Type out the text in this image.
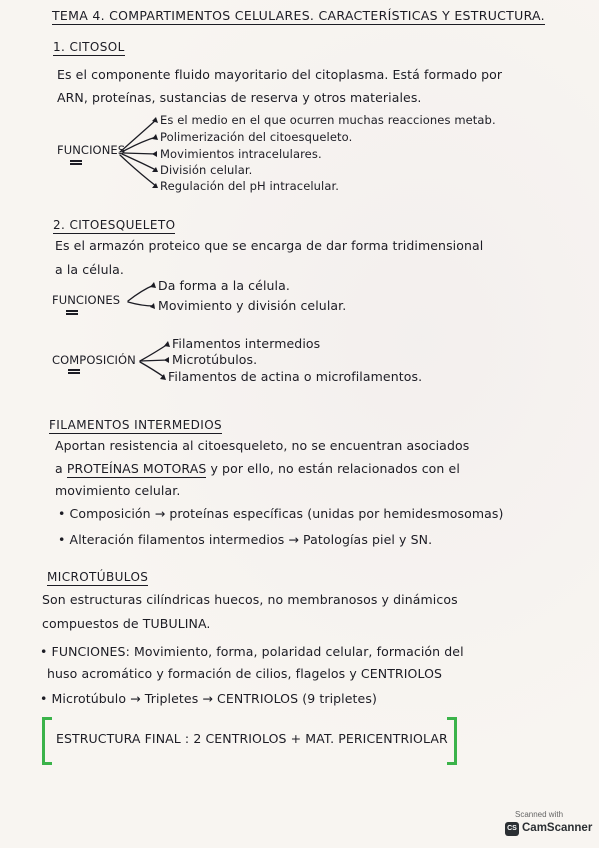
TEMA 4. COMPARTIMENTOS CELULARES. CARACTERÍSTICAS Y ESTRUCTURA.
1. CITOSOL
Es el componente fluido mayoritario del citoplasma. Está formado por
ARN, proteínas, sustancias de reserva y otros materiales.
FUNCIONES
Es el medio en el que ocurren muchas reacciones metab.
Polimerización del citoesqueleto.
Movimientos intracelulares.
División celular.
Regulación del pH intracelular.
2. CITOESQUELETO
Es el armazón proteico que se encarga de dar forma tridimensional
a la célula.
FUNCIONES
Da forma a la célula.
Movimiento y división celular.
COMPOSICIÓN
Filamentos intermedios
Microtúbulos.
Filamentos de actina o microfilamentos.
FILAMENTOS INTERMEDIOS
Aportan resistencia al citoesqueleto, no se encuentran asociados
a PROTEÍNAS MOTORAS y por ello, no están relacionados con el
movimiento celular.
• Composición → proteínas específicas (unidas por hemidesmosomas)
• Alteración filamentos intermedios → Patologías piel y SN.
MICROTÚBULOS
Son estructuras cilíndricas huecos, no membranosos y dinámicos
compuestos de TUBULINA.
• FUNCIONES: Movimiento, forma, polaridad celular, formación del
huso acromático y formación de cilios, flagelos y CENTRIOLOS
• Microtúbulo → Tripletes → CENTRIOLOS (9 tripletes)
ESTRUCTURA FINAL : 2 CENTRIOLOS + MAT. PERICENTRIOLAR
Scanned with
CS CamScanner
